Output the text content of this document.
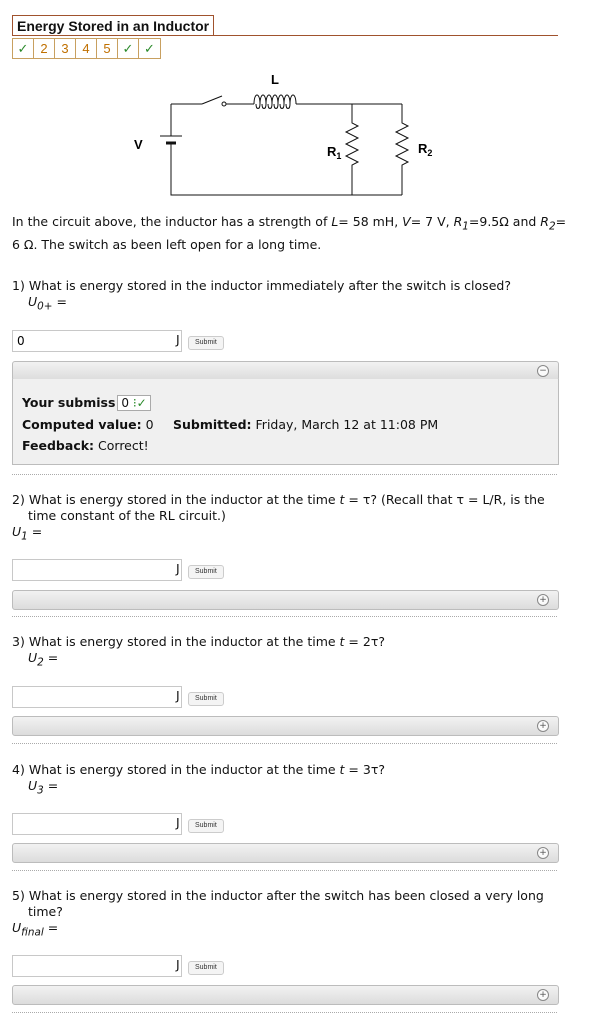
Energy Stored in an Inductor
✓ 2	3	4	5 ✓ ✓
L
V	$R_1$	$R_2$
In the circuit above, the inductor has a strength of L= 58 mH, V= 7 V, $R_1=9.5\Omega$ and $R_2= 6$ Ω. The switch as been left open for a long time.
1) What is energy stored in the inductor immediately after the switch is closed?
$U_{0+}$ =
0
J	Submit
−
Your submiss 0 ⁝✓
Computed value: 0 Submitted: Friday, March 12 at 11:08 PM
Feedback: Correct!
2) What is energy stored in the inductor at the time t = τ? (Recall that τ = L/R, is the
time constant of the RL circuit.)
$U_1$ =
J	Submit
+
3) What is energy stored in the inductor at the time t = 2τ?
$U_2$ =
J	Submit
+
4) What is energy stored in the inductor at the time t = 3τ?
$U_3$ =
J	Submit
+
5) What is energy stored in the inductor after the switch has been closed a very long
time?
$U_{final}$ =
J	Submit
+
